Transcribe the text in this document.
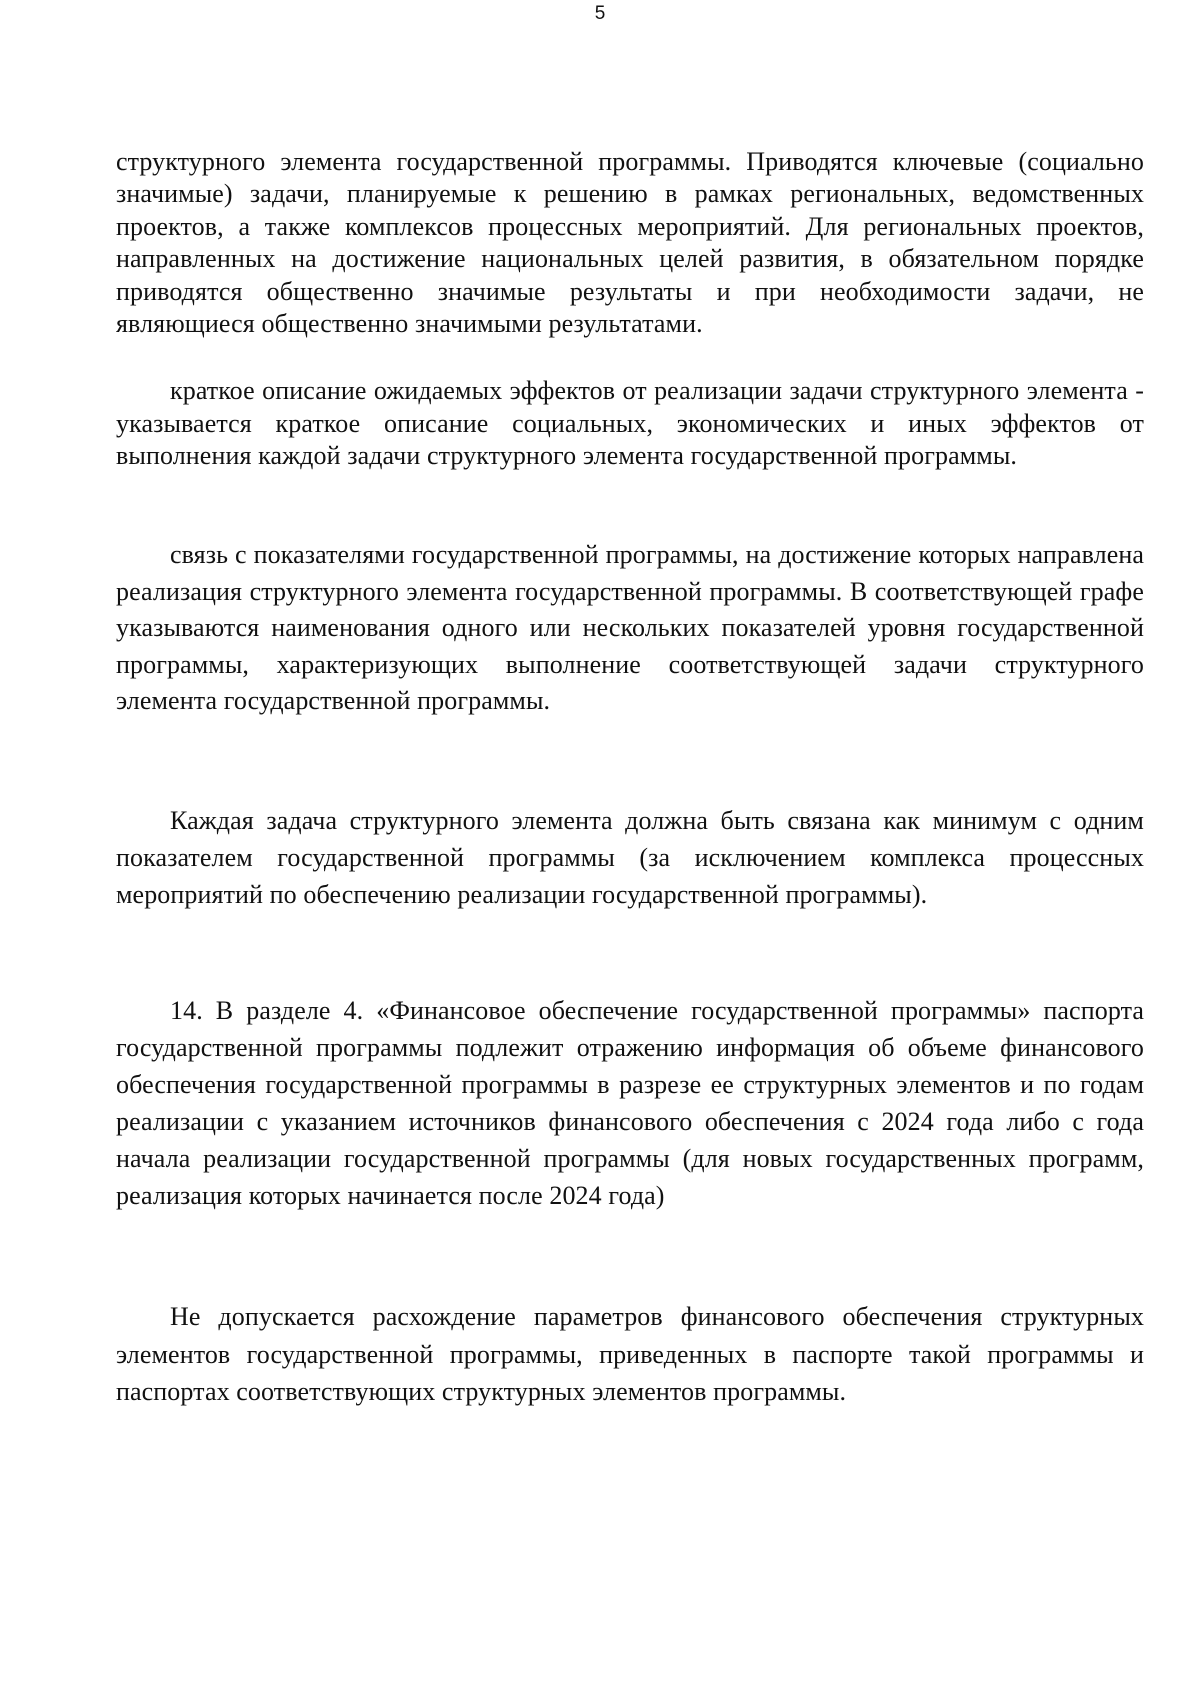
5

структурного элемента государственной программы. Приводятся ключевые (социально значимые) задачи, планируемые к решению в рамках региональных, ведомственных проектов, а также комплексов процессных мероприятий. Для региональных проектов, направленных на достижение национальных целей развития, в обязательном порядке приводятся общественно значимые результаты и при необходимости задачи, не являющиеся общественно значимыми результатами.

краткое описание ожидаемых эффектов от реализации задачи структурного элемента - указывается краткое описание социальных, экономических и иных эффектов от выполнения каждой задачи структурного элемента государственной программы.

связь с показателями государственной программы, на достижение которых направлена реализация структурного элемента государственной программы. В соответствующей графе указываются наименования одного или нескольких показателей уровня государственной программы, характеризующих выполнение соответствующей задачи структурного элемента государственной программы.

Каждая задача структурного элемента должна быть связана как минимум с одним показателем государственной программы (за исключением комплекса процессных мероприятий по обеспечению реализации государственной программы).

14. В разделе 4. «Финансовое обеспечение государственной программы» паспорта государственной программы подлежит отражению информация об объеме финансового обеспечения государственной программы в разрезе ее структурных элементов и по годам реализации с указанием источников финансового обеспечения с 2024 года либо с года начала реализации государственной программы (для новых государственных программ, реализация которых начинается после 2024 года)

Не допускается расхождение параметров финансового обеспечения структурных элементов государственной программы, приведенных в паспорте такой программы и паспортах соответствующих структурных элементов программы.
